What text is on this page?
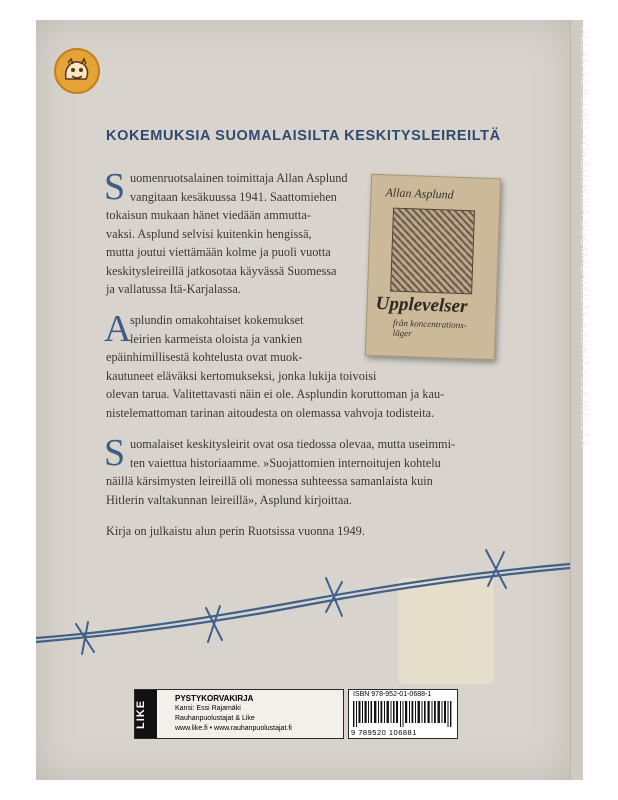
ALLAN ASPLUND KOKEMUKSIA SUOMALAISILTA KESKITYSLEIREILTÄ
KOKEMUKSIA SUOMALAISILTA KESKITYSLEIREILTÄ
S uomenruotsalainen toimittaja Allan Asplund
vangitaan kesäkuussa 1941. Saattomiehen
tokaisun mukaan hänet viedään ammutta-
vaksi. Asplund selvisi kuitenkin hengissä,
mutta joutui viettämään kolme ja puoli vuotta
keskitysleireillä jatkosotaa käyvässä Suomessa
ja vallatussa Itä-Karjalassa.
A
splundin omakohtaiset kokemukset
leirien karmeista oloista ja vankien
epäinhimillisestä kohtelusta ovat muok-
kautuneet eläväksi kertomukseksi, jonka lukija toivoisi
olevan tarua. Valitettavasti näin ei ole. Asplundin koruttoman ja kau-
nistelemattoman tarinan aitoudesta on olemassa vahvoja todisteita.
S uomalaiset keskitysleirit ovat osa tiedossa olevaa, mutta useimmi-
ten vaiettua historiaamme. »Suojattomien internoitujen kohtelu
näillä kärsimysten leireillä oli monessa suhteessa samanlaista kuin
Hitlerin valtakunnan leireillä», Asplund kirjoittaa.
Kirja on julkaistu alun perin Ruotsissa vuonna 1949.
Allan Asplund
Upplevelser
från koncentrations-
läger
LIKE
PYSTYKORVAKIRJA
Kansi: Essi Rajamäki
Rauhanpuolustajat & Like
www.like.fi • www.rauhanpuolustajat.fi
ISBN 978-952-01-0688-1
9 789520 106881
